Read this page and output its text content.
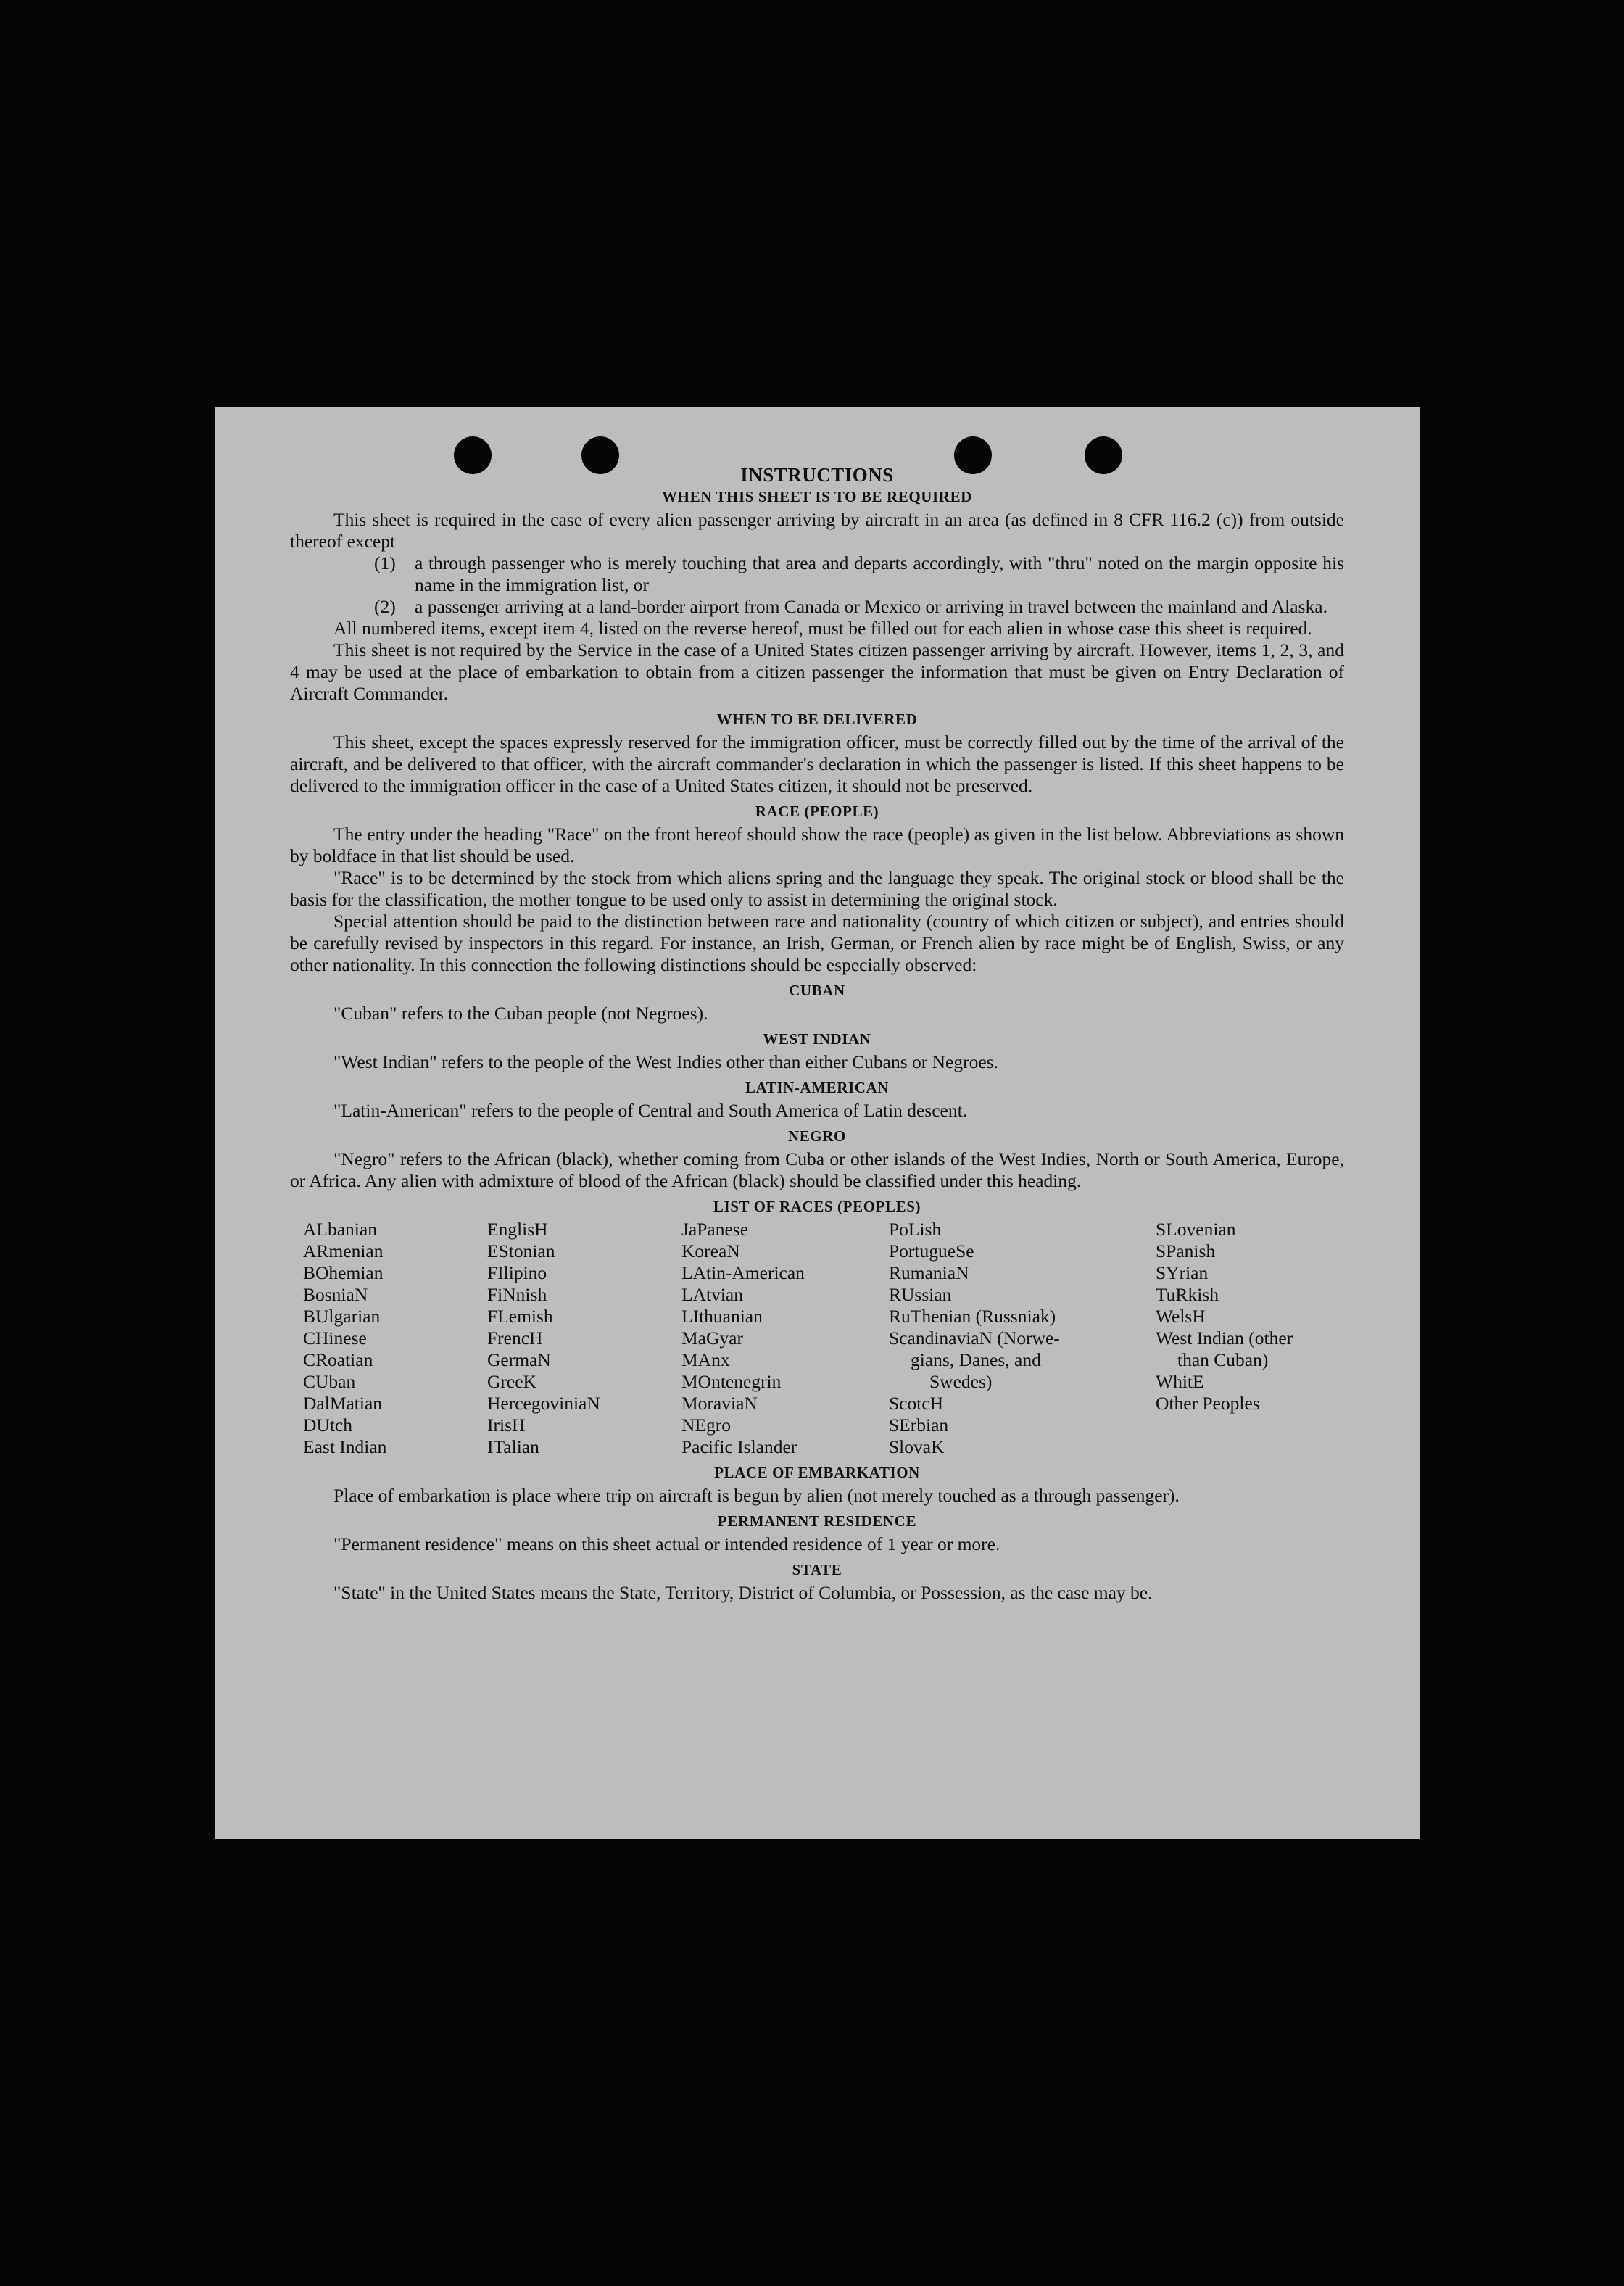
INSTRUCTIONS
WHEN THIS SHEET IS TO BE REQUIRED

This sheet is required in the case of every alien passenger arriving by aircraft in an area (as defined in 8 CFR 116.2 (c)) from outside thereof except

(1)	a through passenger who is merely touching that area and departs accordingly, with "thru" noted on the margin opposite his name in the immigration list, or
(2)	a passenger arriving at a land-border airport from Canada or Mexico or arriving in travel between the mainland and Alaska.

All numbered items, except item 4, listed on the reverse hereof, must be filled out for each alien in whose case this sheet is required.

This sheet is not required by the Service in the case of a United States citizen passenger arriving by aircraft. However, items 1, 2, 3, and 4 may be used at the place of embarkation to obtain from a citizen passenger the information that must be given on Entry Declaration of Aircraft Commander.

WHEN TO BE DELIVERED

This sheet, except the spaces expressly reserved for the immigration officer, must be correctly filled out by the time of the arrival of the aircraft, and be delivered to that officer, with the aircraft commander's declaration in which the passenger is listed. If this sheet happens to be delivered to the immigration officer in the case of a United States citizen, it should not be preserved.

RACE (PEOPLE)

The entry under the heading "Race" on the front hereof should show the race (people) as given in the list below. Abbreviations as shown by boldface in that list should be used.

"Race" is to be determined by the stock from which aliens spring and the language they speak. The original stock or blood shall be the basis for the classification, the mother tongue to be used only to assist in determining the original stock.

Special attention should be paid to the distinction between race and nationality (country of which citizen or subject), and entries should be carefully revised by inspectors in this regard. For instance, an Irish, German, or French alien by race might be of English, Swiss, or any other nationality. In this connection the following distinctions should be especially observed:

CUBAN

"Cuban" refers to the Cuban people (not Negroes).

WEST INDIAN

"West Indian" refers to the people of the West Indies other than either Cubans or Negroes.

LATIN-AMERICAN

"Latin-American" refers to the people of Central and South America of Latin descent.

NEGRO

"Negro" refers to the African (black), whether coming from Cuba or other islands of the West Indies, North or South America, Europe, or Africa. Any alien with admixture of blood of the African (black) should be classified under this heading.

LIST OF RACES (PEOPLES)
ALbanian
ARmenian
BOhemian
BosniaN
BUlgarian
CHinese
CRoatian
CUban
DalMatian
DUtch
East Indian
EnglisH
EStonian
FIlipino
FiNnish
FLemish
FrencH
GermaN
GreeK
HercegoviniaN
IrisH
ITalian
JaPanese
KoreaN
LAtin-American
LAtvian
LIthuanian
MaGyar
MAnx
MOntenegrin
MoraviaN
NEgro
Pacific Islander
PoLish
PortugueSe
RumaniaN
RUssian
RuThenian (Russniak)
ScandinaviaN (Norwe-
gians, Danes, and
Swedes)
ScotcH
SErbian
SlovaK
SLovenian
SPanish
SYrian
TuRkish
WelsH
West Indian (other
than Cuban)
WhitE
Other Peoples
PLACE OF EMBARKATION

Place of embarkation is place where trip on aircraft is begun by alien (not merely touched as a through passenger).

PERMANENT RESIDENCE

"Permanent residence" means on this sheet actual or intended residence of 1 year or more.

STATE

"State" in the United States means the State, Territory, District of Columbia, or Possession, as the case may be.
